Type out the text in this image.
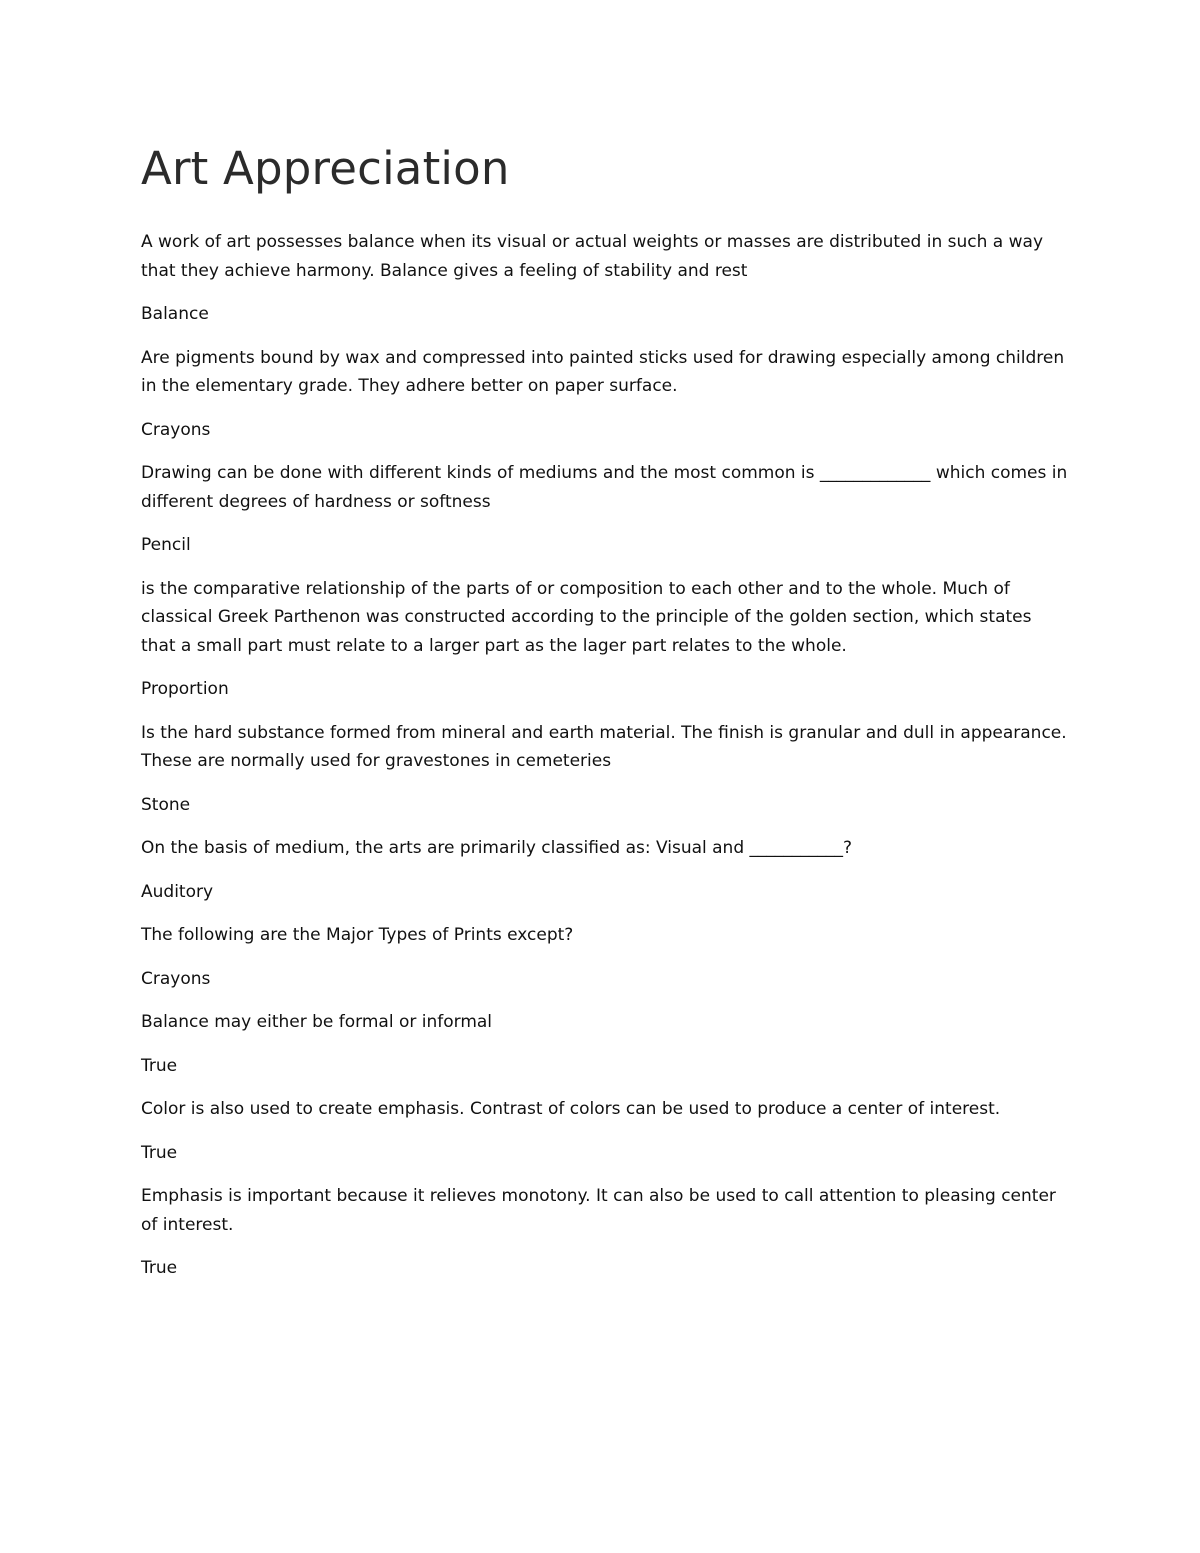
Art Appreciation

A work of art possesses balance when its visual or actual weights or masses are distributed in such a way that they achieve harmony. Balance gives a feeling of stability and rest

Balance

Are pigments bound by wax and compressed into painted sticks used for drawing especially among children in the elementary grade. They adhere better on paper surface.

Crayons

Drawing can be done with different kinds of mediums and the most common is _____________ which comes in different degrees of hardness or softness

Pencil

is the comparative relationship of the parts of or composition to each other and to the whole. Much of classical Greek Parthenon was constructed according to the principle of the golden section, which states that a small part must relate to a larger part as the lager part relates to the whole.

Proportion

Is the hard substance formed from mineral and earth material. The finish is granular and dull in appearance. These are normally used for gravestones in cemeteries

Stone

On the basis of medium, the arts are primarily classified as: Visual and ___________?

Auditory

The following are the Major Types of Prints except?

Crayons

Balance may either be formal or informal

True

Color is also used to create emphasis. Contrast of colors can be used to produce a center of interest.

True

Emphasis is important because it relieves monotony. It can also be used to call attention to pleasing center of interest.

True
